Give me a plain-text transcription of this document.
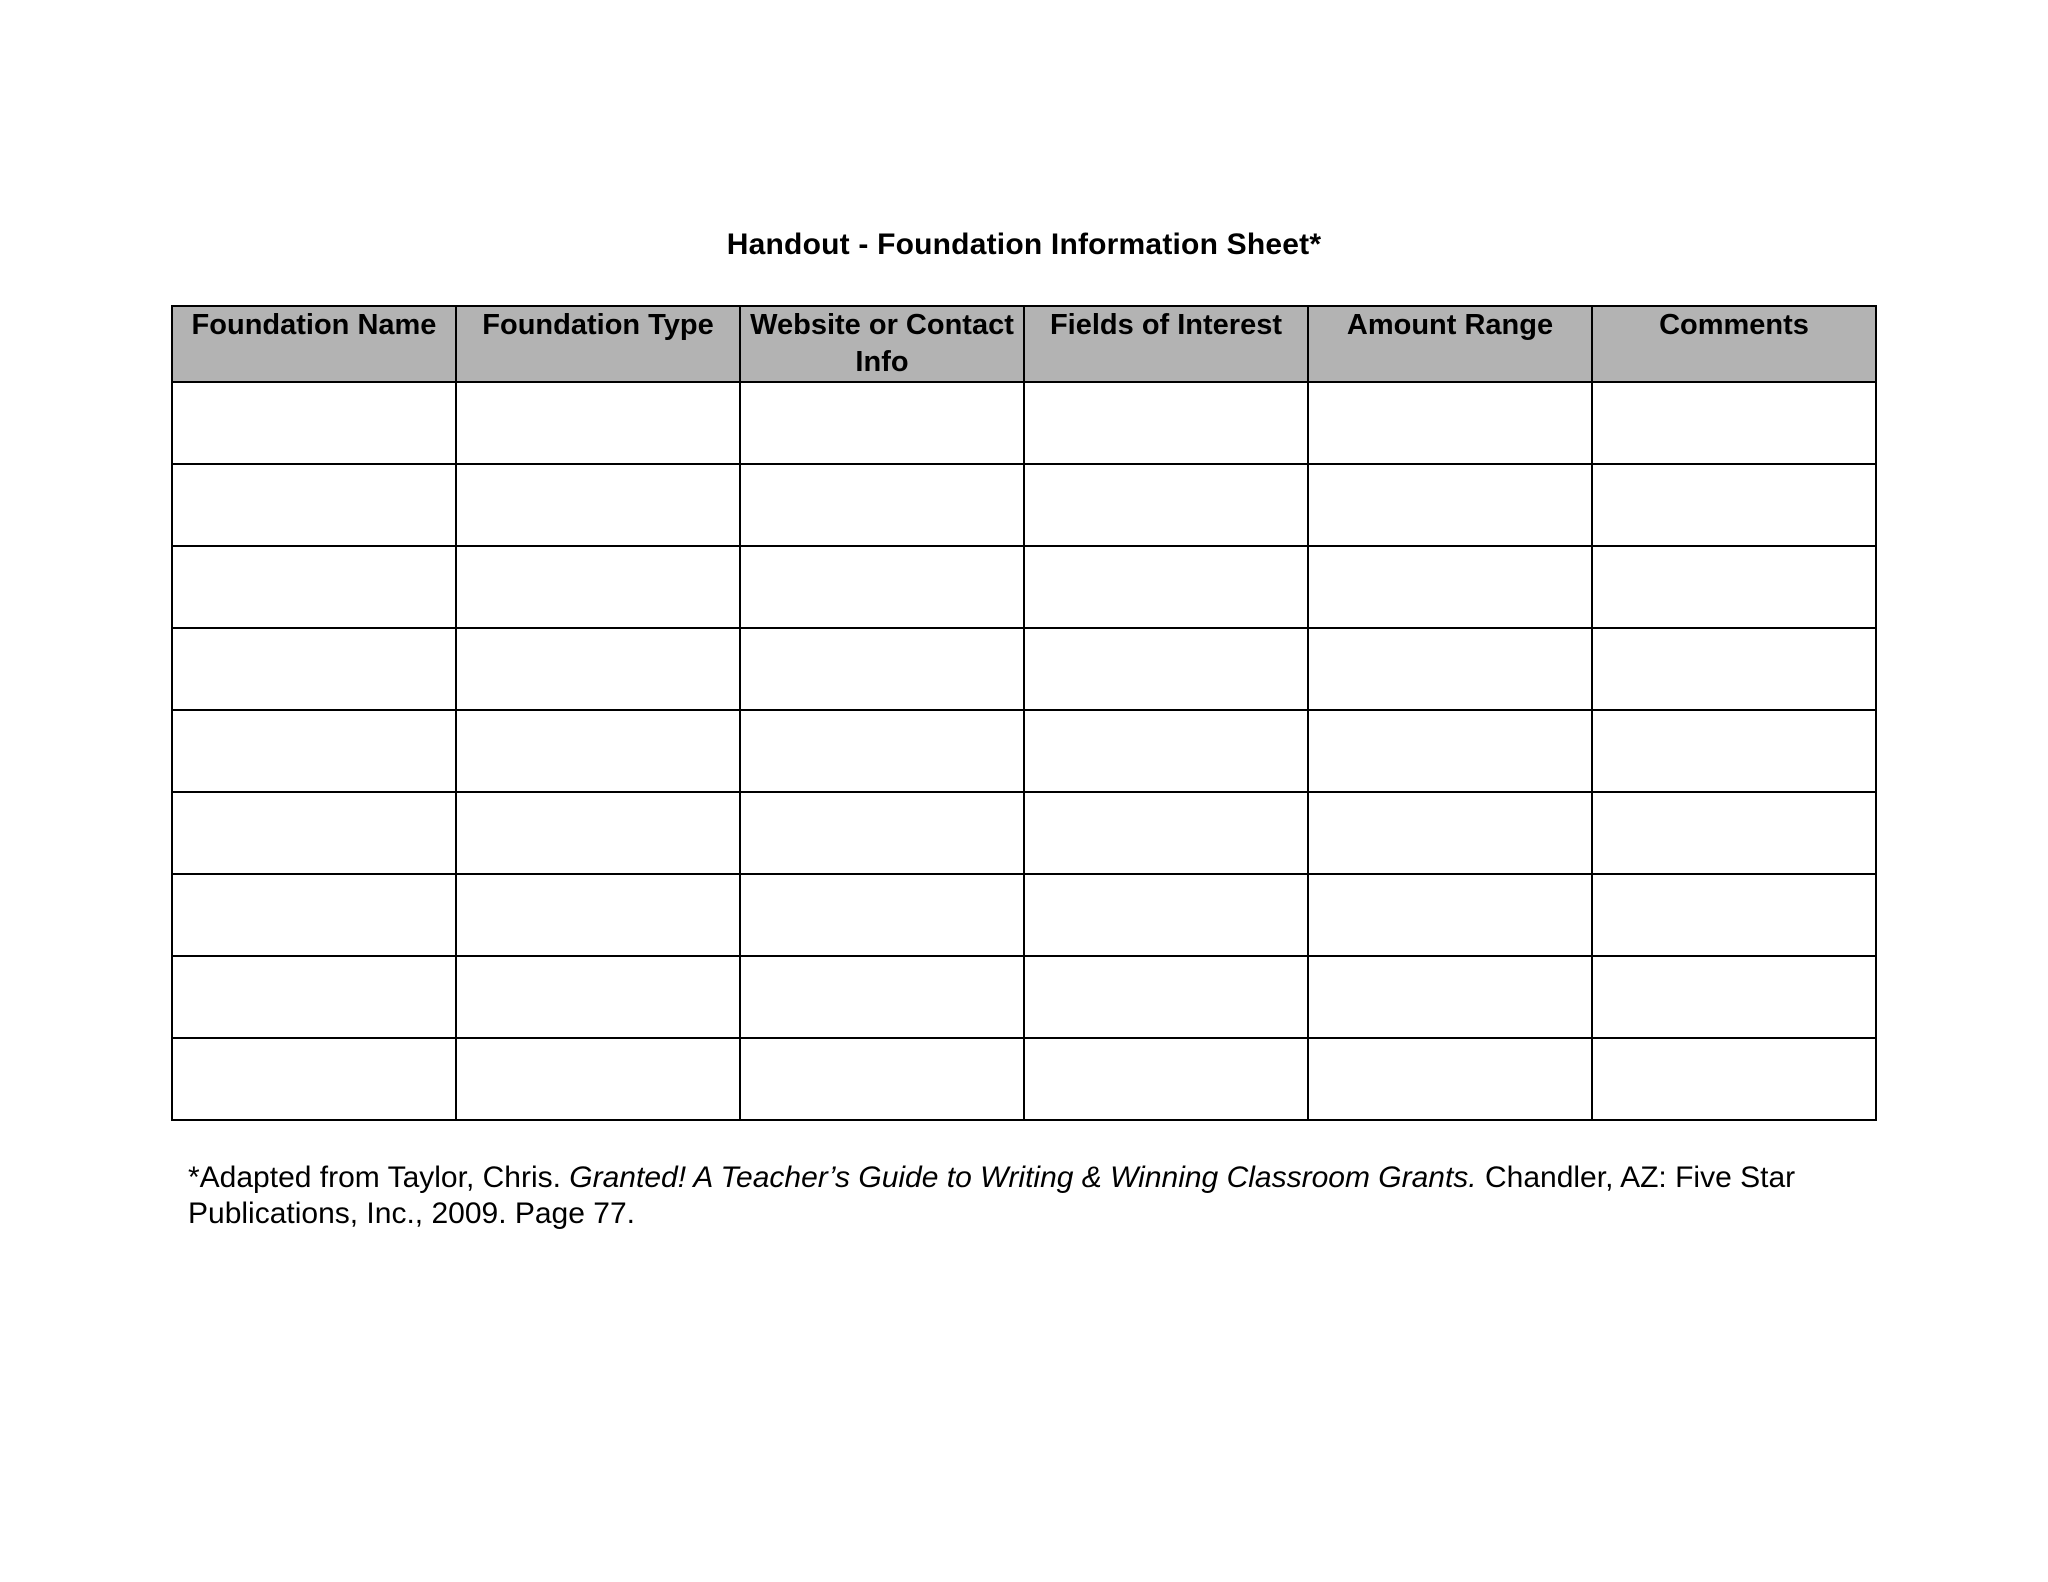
Handout - Foundation Information Sheet*
Foundation Name	Foundation Type	Website or Contact Info	Fields of Interest	Amount Range	Comments

*Adapted from Taylor, Chris. Granted! A Teacher’s Guide to Writing & Winning Classroom Grants. Chandler, AZ: Five Star Publications, Inc., 2009. Page 77.
